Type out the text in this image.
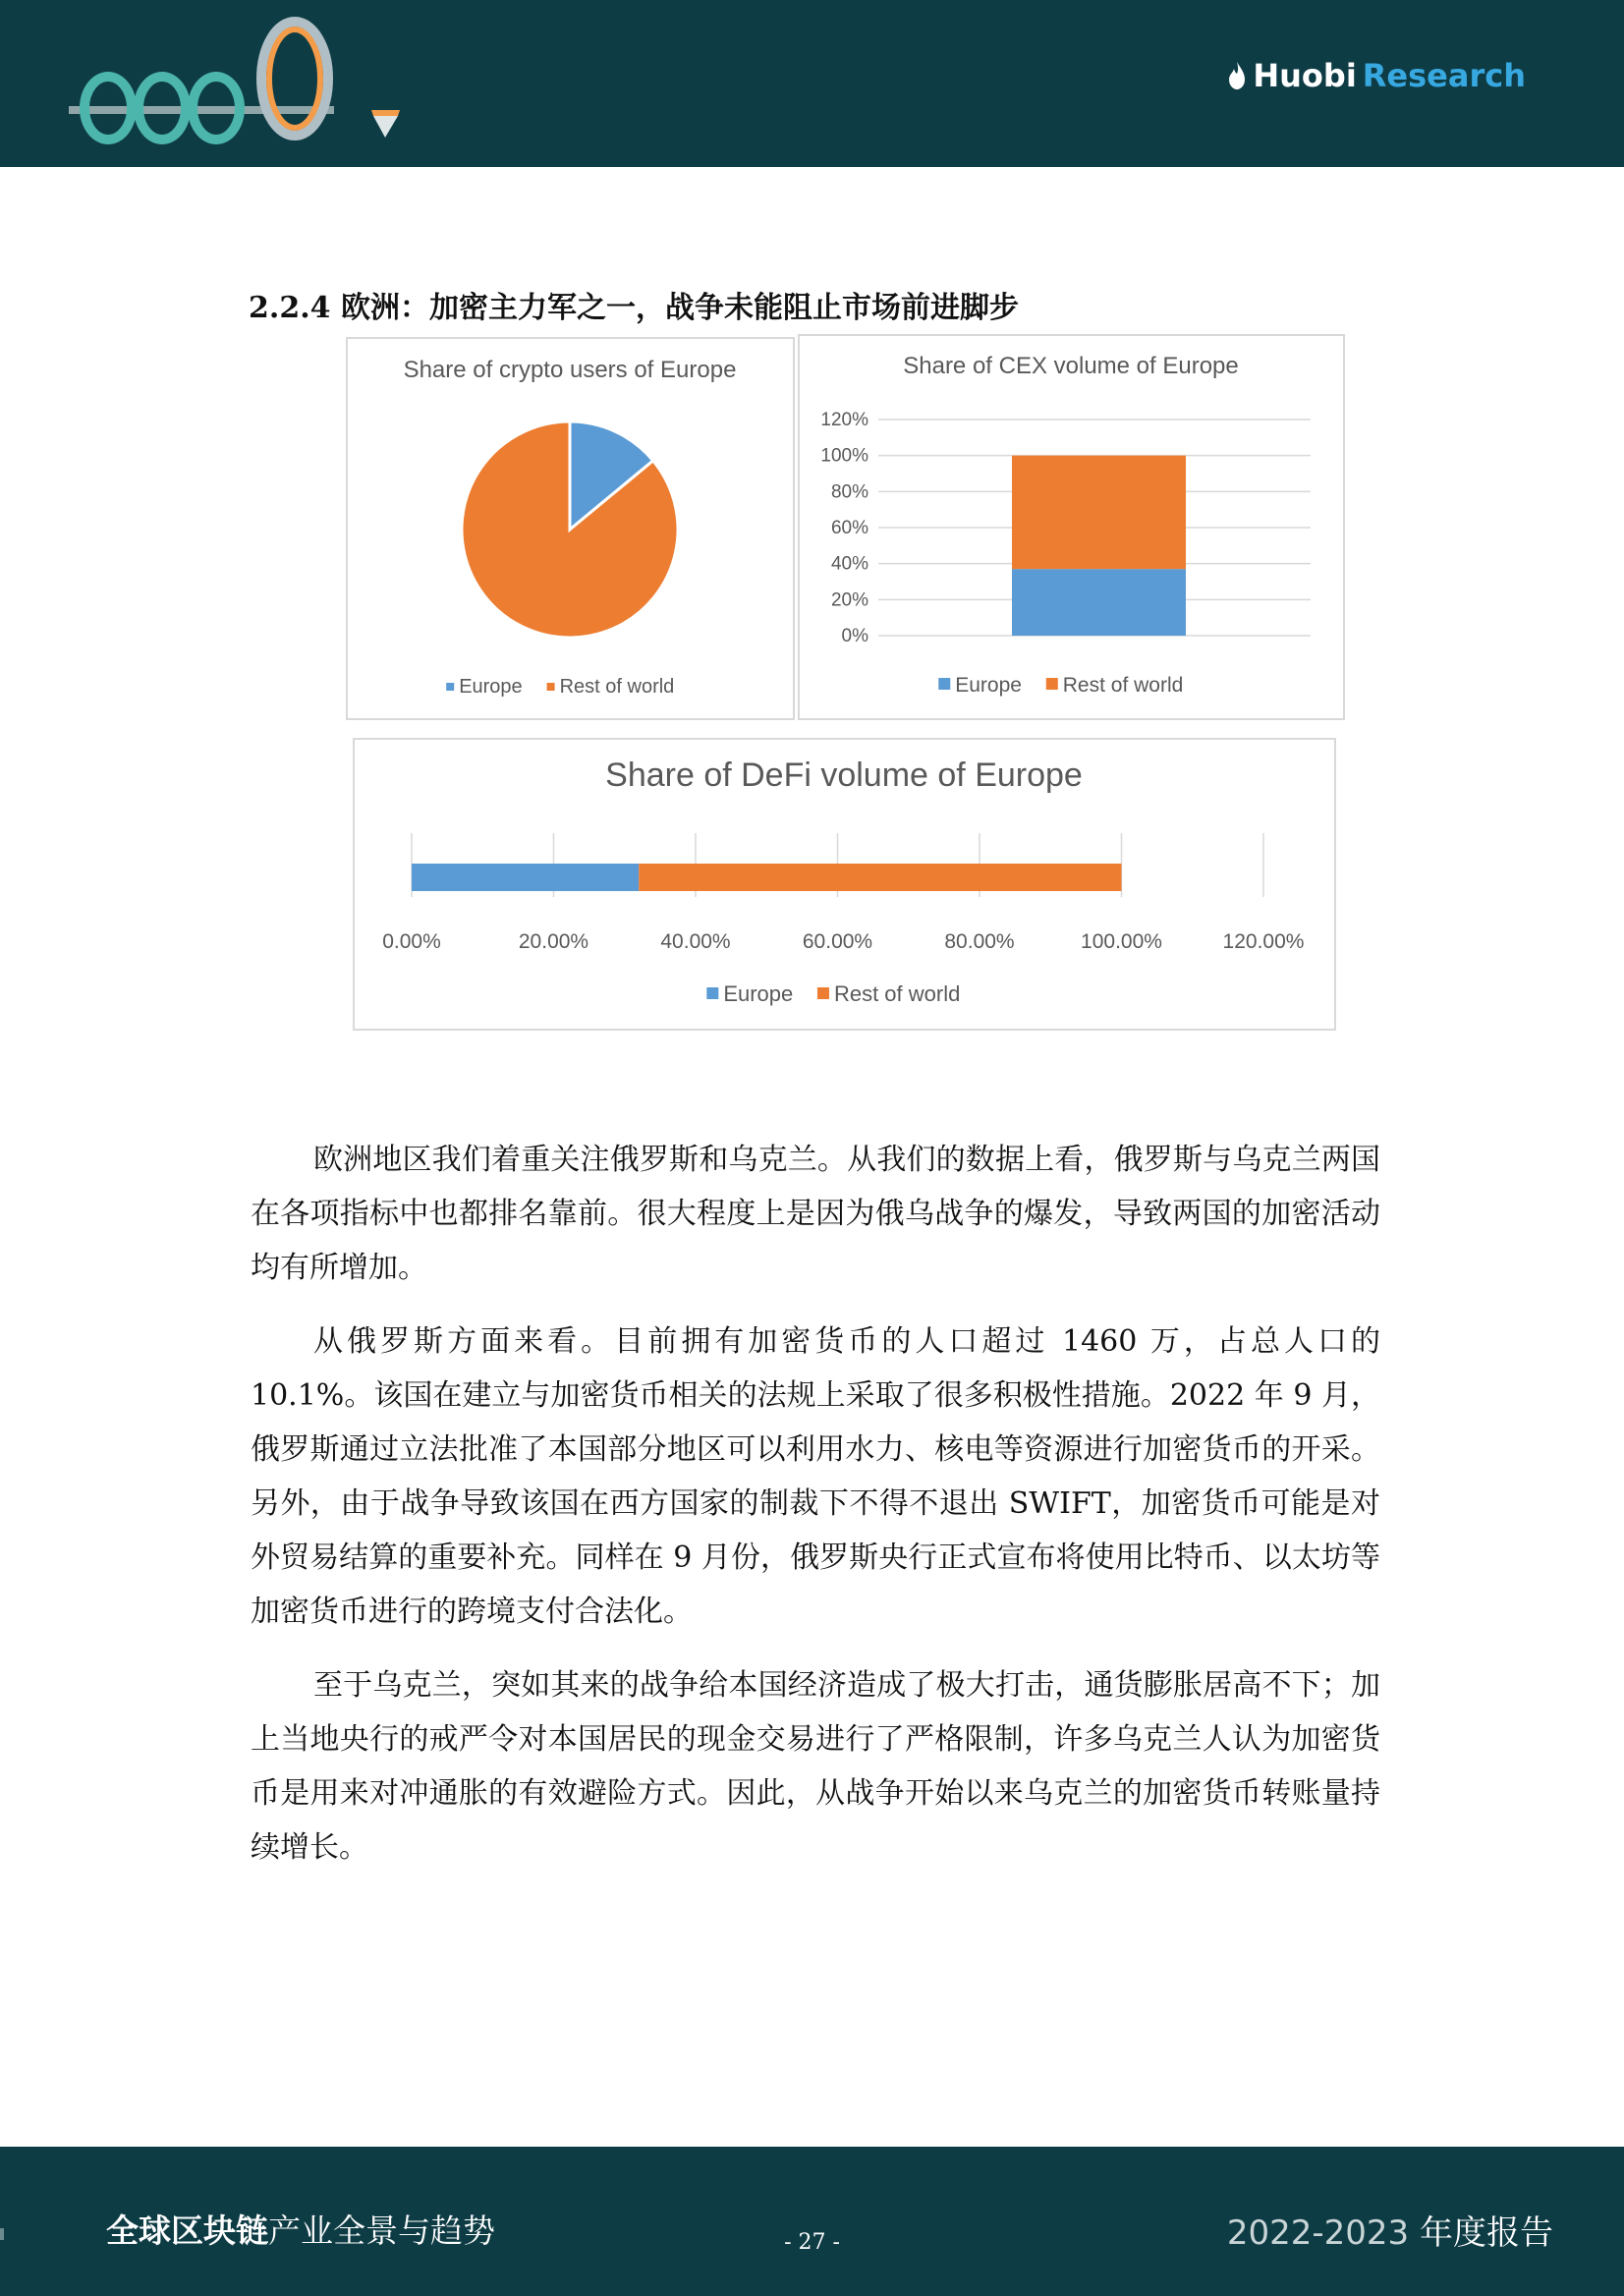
Huobi Research
2.2.4 欧洲：加密主力军之一，战争未能阻止市场前进脚步
Share of crypto users of Europe
Europe Rest of world
Share of CEX volume of Europe
0%
20%
40%
60%
80%
100%
120%
Europe Rest of world
Share of DeFi volume of Europe
0.00%	20.00%	40.00%	60.00%	80.00%	100.00%	120.00%
Europe Rest of world

欧洲地区我们着重关注俄罗斯和乌克兰。从我们的数据上看，俄罗斯与乌克兰两国在各项指标中也都排名靠前。很大程度上是因为俄乌战争的爆发，导致两国的加密活动均有所增加。

从俄罗斯方面来看。目前拥有加密货币的人口超过 1460 万，占总人口的 10.1%。该国在建立与加密货币相关的法规上采取了很多积极性措施。2022 年 9 月，俄罗斯通过立法批准了本国部分地区可以利用水力、核电等资源进行加密货币的开采。另外，由于战争导致该国在西方国家的制裁下不得不退出 SWIFT，加密货币可能是对外贸易结算的重要补充。同样在 9 月份，俄罗斯央行正式宣布将使用比特币、以太坊等加密货币进行的跨境支付合法化。

至于乌克兰，突如其来的战争给本国经济造成了极大打击，通货膨胀居高不下；加上当地央行的戒严令对本国居民的现金交易进行了严格限制，许多乌克兰人认为加密货币是用来对冲通胀的有效避险方式。因此，从战争开始以来乌克兰的加密货币转账量持续增长。

全球区块链产业全景与趋势	- 27 -	2022-2023 年度报告
